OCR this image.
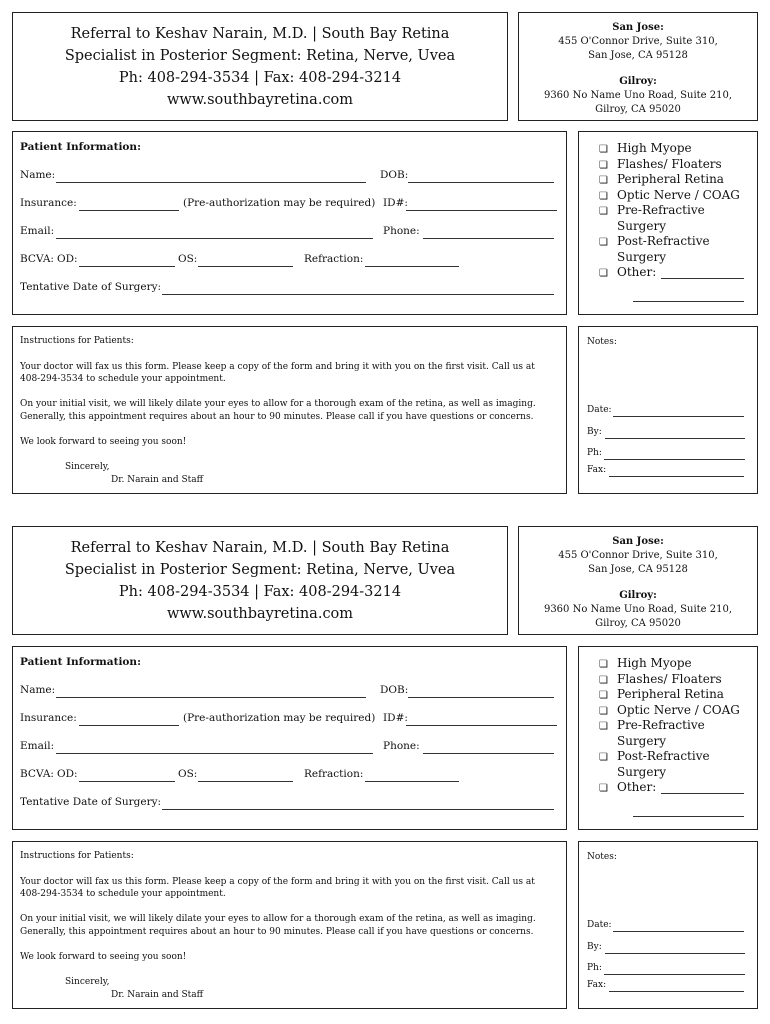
Referral to Keshav Narain, M.D. | South Bay Retina
Specialist in Posterior Segment: Retina, Nerve, Uvea
Ph: 408-294-3534 | Fax: 408-294-3214
www.southbayretina.com
San Jose:
455 O'Connor Drive, Suite 310,
San Jose, CA 95128
Gilroy:
9360 No Name Uno Road, Suite 210,
Gilroy, CA 95020
Patient Information:
Name:	DOB:
Insurance:	(Pre-authorization may be required) ID#:
Email:	Phone:
BCVA: OD:	OS:	Refraction:
Tentative Date of Surgery:
❏ High Myope
❏ Flashes/ Floaters
❏ Peripheral Retina
❏ Optic Nerve / COAG
❏ Pre-Refractive
Surgery
❏ Post-Refractive
Surgery
❏ Other:
Instructions for Patients:
Your doctor will fax us this form. Please keep a copy of the form and bring it with you on the first visit. Call us at
408-294-3534 to schedule your appointment.
On your initial visit, we will likely dilate your eyes to allow for a thorough exam of the retina, as well as imaging.
Generally, this appointment requires about an hour to 90 minutes. Please call if you have questions or concerns.
We look forward to seeing you soon!
Sincerely,
Dr. Narain and Staff
Notes:
Date:
By:
Ph:
Fax:
Referral to Keshav Narain, M.D. | South Bay Retina
Specialist in Posterior Segment: Retina, Nerve, Uvea
Ph: 408-294-3534 | Fax: 408-294-3214
www.southbayretina.com
San Jose:
455 O'Connor Drive, Suite 310,
San Jose, CA 95128
Gilroy:
9360 No Name Uno Road, Suite 210,
Gilroy, CA 95020
Patient Information:
Name:	DOB:
Insurance:	(Pre-authorization may be required) ID#:
Email:	Phone:
BCVA: OD:	OS:	Refraction:
Tentative Date of Surgery:
❏ High Myope
❏ Flashes/ Floaters
❏ Peripheral Retina
❏ Optic Nerve / COAG
❏ Pre-Refractive
Surgery
❏ Post-Refractive
Surgery
❏ Other:
Instructions for Patients:
Your doctor will fax us this form. Please keep a copy of the form and bring it with you on the first visit. Call us at
408-294-3534 to schedule your appointment.
On your initial visit, we will likely dilate your eyes to allow for a thorough exam of the retina, as well as imaging.
Generally, this appointment requires about an hour to 90 minutes. Please call if you have questions or concerns.
We look forward to seeing you soon!
Sincerely,
Dr. Narain and Staff
Notes:
Date:
By:
Ph:
Fax:
